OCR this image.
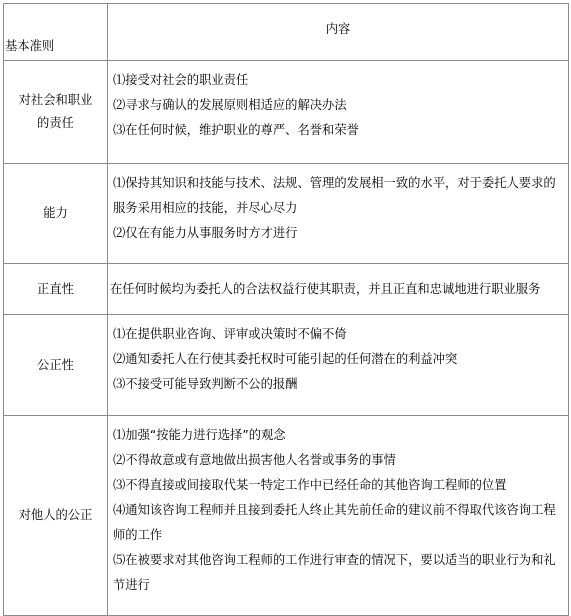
基本准则	内容
对社会和职业的责任	⑴接受对社会的职业责任
⑵寻求与确认的发展原则相适应的解决办法
⑶在任何时候，维护职业的尊严、名誉和荣誉

能力	⑴保持其知识和技能与技术、法规、管理的发展相一致的水平，对于委托人要求的服务采用相应的技能，并尽心尽力
⑵仅在有能力从事服务时方才进行

正直性	在任何时候均为委托人的合法权益行使其职责，并且正直和忠诚地进行职业服务
公正性	⑴在提供职业咨询、评审或决策时不偏不倚
⑵通知委托人在行使其委托权时可能引起的任何潜在的利益冲突
⑶不接受可能导致判断不公的报酬

对他人的公正	⑴加强“按能力进行选择”的观念
⑵不得故意或有意地做出损害他人名誉或事务的事情
⑶不得直接或间接取代某一特定工作中已经任命的其他咨询工程师的位置
⑷通知该咨询工程师并且接到委托人终止其先前任命的建议前不得取代该咨询工程师的工作
⑸在被要求对其他咨询工程师的工作进行审查的情况下，要以适当的职业行为和礼节进行
